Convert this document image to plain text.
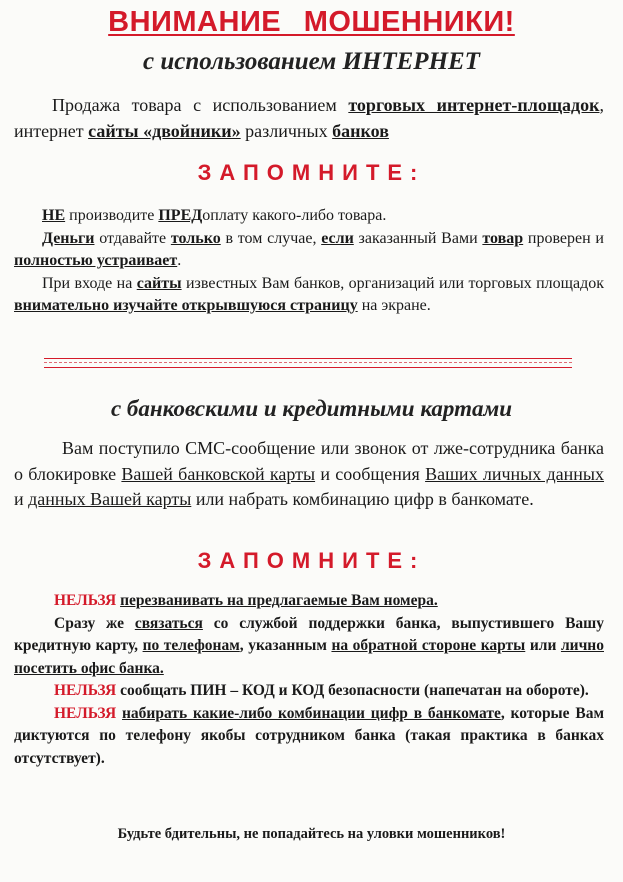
ВНИМАНИЕ МОШЕННИКИ!
с использованием ИНТЕРНЕТ
Продажа товара с использованием торговых интернет-площадок, интернет сайты «двойники» различных банков
ЗАПОМНИТЕ:
НЕ производите ПРЕДоплату какого-либо товара.
Деньги отдавайте только в том случае, если заказанный Вами товар проверен и полностью устраивает.
При входе на сайты известных Вам банков, организаций или торговых площадок внимательно изучайте открывшуюся страницу на экране.
с банковскими и кредитными картами
Вам поступило СМС-сообщение или звонок от лже-сотрудника банка о блокировке Вашей банковской карты и сообщения Ваших личных данных и данных Вашей карты или набрать комбинацию цифр в банкомате.
ЗАПОМНИТЕ:
НЕЛЬЗЯ перезванивать на предлагаемые Вам номера.
Сразу же связаться со службой поддержки банка, выпустившего Вашу кредитную карту, по телефонам, указанным на обратной стороне карты или лично посетить офис банка.
НЕЛЬЗЯ сообщать ПИН – КОД и КОД безопасности (напечатан на обороте).
НЕЛЬЗЯ набирать какие-либо комбинации цифр в банкомате, которые Вам диктуются по телефону якобы сотрудником банка (такая практика в банках отсутствует).
Будьте бдительны, не попадайтесь на уловки мошенников!
